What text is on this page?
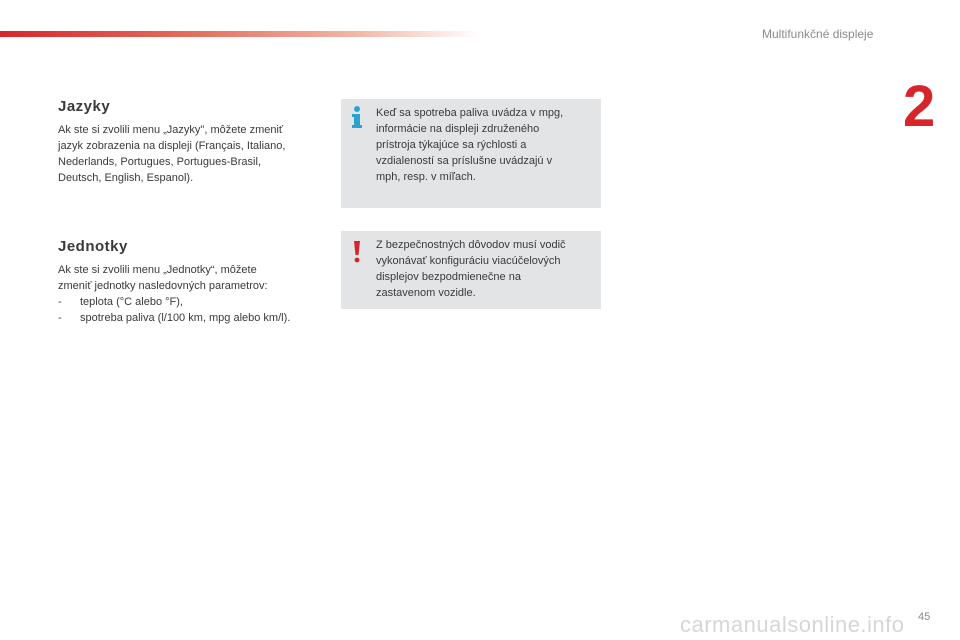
Multifunkčné displeje
2
Jazyky
Ak ste si zvolili menu „Jazyky", môžete zmeniť
jazyk zobrazenia na displeji (Français, Italiano,
Nederlands, Portugues, Portugues-Brasil,
Deutsch, English, Espanol).
Jednotky
Ak ste si zvolili menu „Jednotky“, môžete
zmeniť jednotky nasledovných parametrov:
- teplota (°C alebo °F),
- spotreba paliva (l/100 km, mpg alebo km/l).
Keď sa spotreba paliva uvádza v mpg,
informácie na displeji združeného
prístroja týkajúce sa rýchlosti a
vzdialeností sa príslušne uvádzajú v
mph, resp. v míľach.
Z bezpečnostných dôvodov musí vodič
vykonávať konfiguráciu viacúčelových
displejov bezpodmienečne na
zastavenom vozidle.
carmanualsonline.info 45
